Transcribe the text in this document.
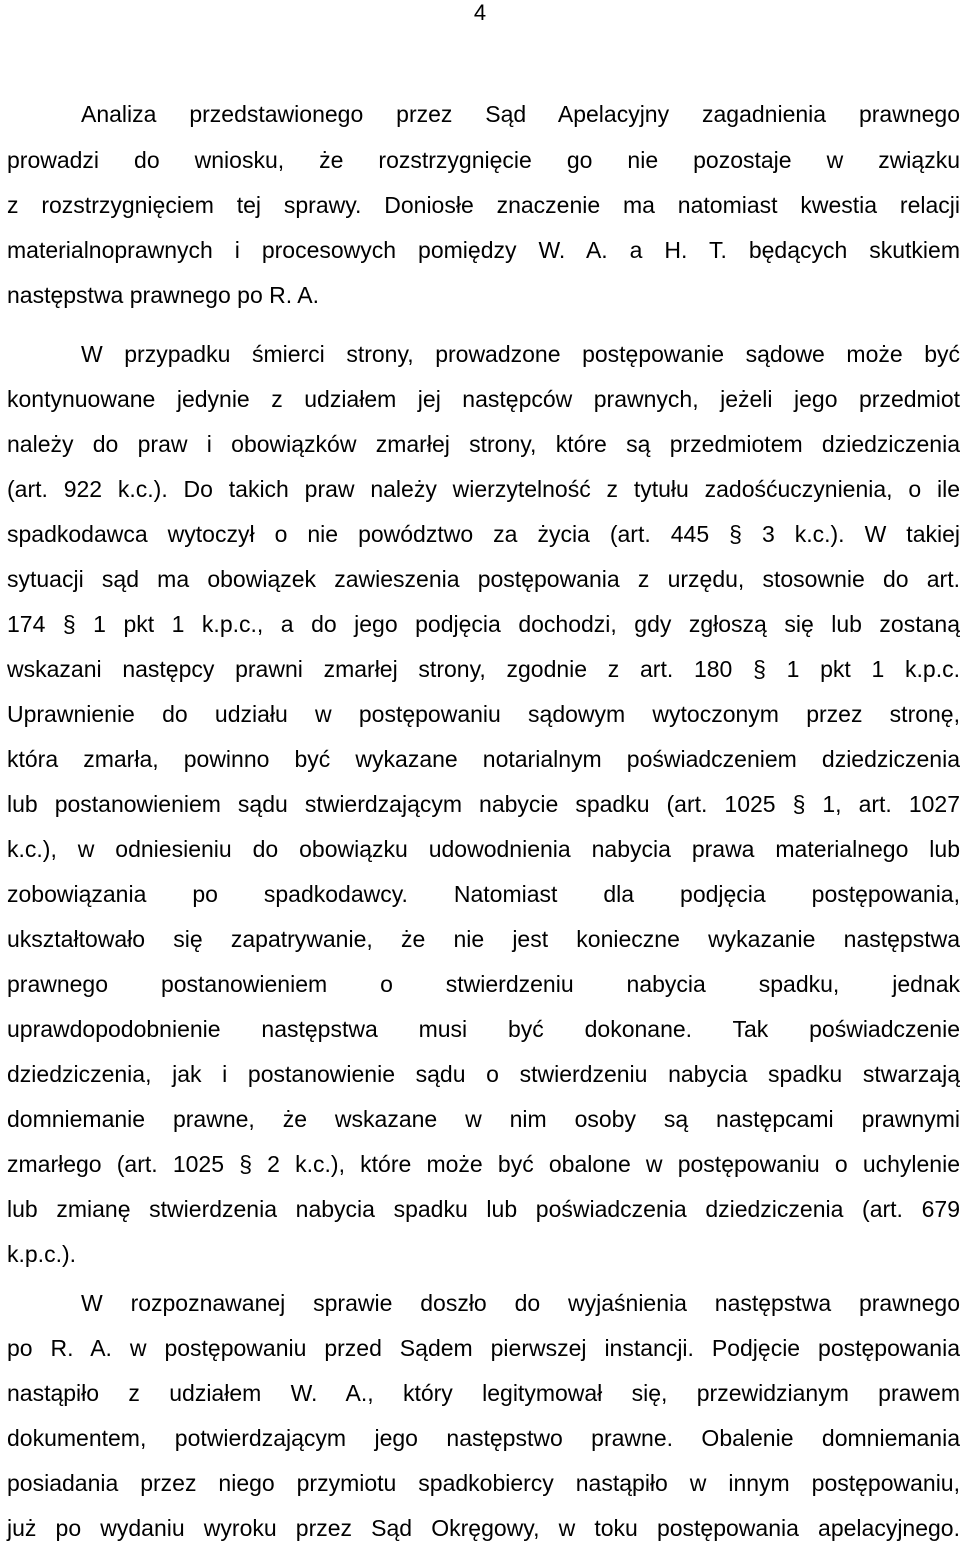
4
Analiza przedstawionego przez Sąd Apelacyjny zagadnienia prawnego
prowadzi do wniosku, że rozstrzygnięcie go nie pozostaje w związku
z rozstrzygnięciem tej sprawy. Doniosłe znaczenie ma natomiast kwestia relacji
materialnoprawnych i procesowych pomiędzy W. A. a H. T. będących skutkiem
następstwa prawnego po R. A.
W przypadku śmierci strony, prowadzone postępowanie sądowe może być
kontynuowane jedynie z udziałem jej następców prawnych, jeżeli jego przedmiot
należy do praw i obowiązków zmarłej strony, które są przedmiotem dziedziczenia
(art. 922 k.c.). Do takich praw należy wierzytelność z tytułu zadośćuczynienia, o ile
spadkodawca wytoczył o nie powództwo za życia (art. 445 § 3 k.c.). W takiej
sytuacji sąd ma obowiązek zawieszenia postępowania z urzędu, stosownie do art.
174 § 1 pkt 1 k.p.c., a do jego podjęcia dochodzi, gdy zgłoszą się lub zostaną
wskazani następcy prawni zmarłej strony, zgodnie z art. 180 § 1 pkt 1 k.p.c.
Uprawnienie do udziału w postępowaniu sądowym wytoczonym przez stronę,
która zmarła, powinno być wykazane notarialnym poświadczeniem dziedziczenia
lub postanowieniem sądu stwierdzającym nabycie spadku (art. 1025 § 1, art. 1027
k.c.), w odniesieniu do obowiązku udowodnienia nabycia prawa materialnego lub
zobowiązania po spadkodawcy. Natomiast dla podjęcia postępowania,
ukształtowało się zapatrywanie, że nie jest konieczne wykazanie następstwa
prawnego postanowieniem o stwierdzeniu nabycia spadku, jednak
uprawdopodobnienie następstwa musi być dokonane. Tak poświadczenie
dziedziczenia, jak i postanowienie sądu o stwierdzeniu nabycia spadku stwarzają
domniemanie prawne, że wskazane w nim osoby są następcami prawnymi
zmarłego (art. 1025 § 2 k.c.), które może być obalone w postępowaniu o uchylenie
lub zmianę stwierdzenia nabycia spadku lub poświadczenia dziedziczenia (art. 679
k.p.c.).
W rozpoznawanej sprawie doszło do wyjaśnienia następstwa prawnego
po R. A. w postępowaniu przed Sądem pierwszej instancji. Podjęcie postępowania
nastąpiło z udziałem W. A., który legitymował się, przewidzianym prawem
dokumentem, potwierdzającym jego następstwo prawne. Obalenie domniemania
posiadania przez niego przymiotu spadkobiercy nastąpiło w innym postępowaniu,
już po wydaniu wyroku przez Sąd Okręgowy, w toku postępowania apelacyjnego.
